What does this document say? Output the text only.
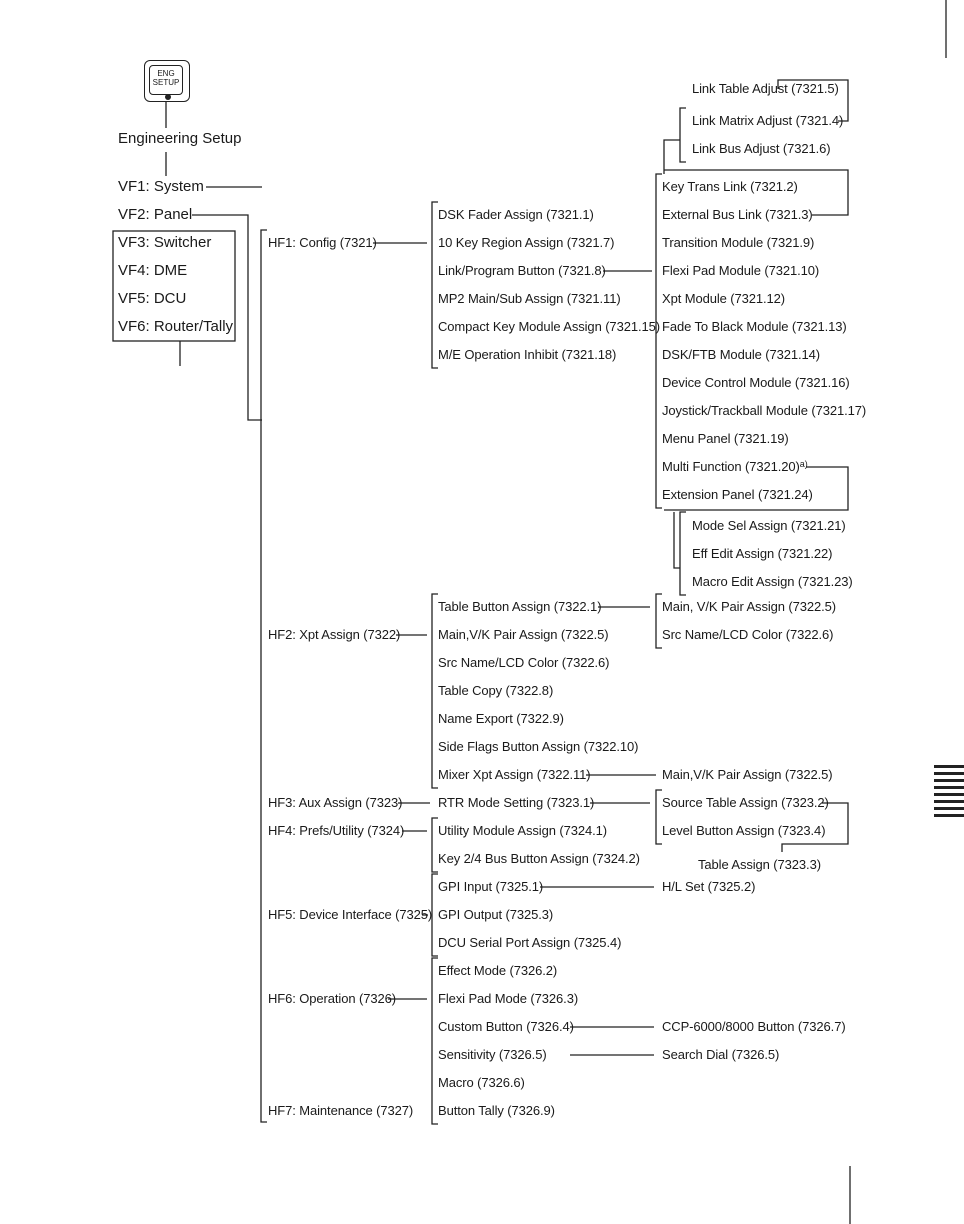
ENG
SETUP
Engineering Setup
VF1: System
VF2: Panel
VF3: Switcher
VF4: DME
VF5: DCU
VF6: Router/Tally
HF1: Config (7321)
HF2: Xpt Assign (7322)
HF3: Aux Assign (7323)
HF4: Prefs/Utility (7324)
HF5: Device Interface (7325)
HF6: Operation (7326)
HF7: Maintenance (7327)
DSK Fader Assign (7321.1)
10 Key Region Assign (7321.7)
Link/Program Button (7321.8)
MP2 Main/Sub Assign (7321.11)
Compact Key Module Assign (7321.15)
M/E Operation Inhibit (7321.18)
Link Table Adjust (7321.5)
Link Matrix Adjust (7321.4)
Link Bus Adjust (7321.6)
Key Trans Link (7321.2)
External Bus Link (7321.3)
Transition Module (7321.9)
Flexi Pad Module (7321.10)
Xpt Module (7321.12)
Fade To Black Module (7321.13)
DSK/FTB Module (7321.14)
Device Control Module (7321.16)
Joystick/Trackball Module (7321.17)
Menu Panel (7321.19)
Multi Function $(7321.20)^{a)}$
Extension Panel (7321.24)
Mode Sel Assign (7321.21)
Eff Edit Assign (7321.22)
Macro Edit Assign (7321.23)
Table Button Assign (7322.1)
Main,V/K Pair Assign (7322.5)
Src Name/LCD Color (7322.6)
Table Copy (7322.8)
Name Export (7322.9)
Side Flags Button Assign (7322.10)
Mixer Xpt Assign (7322.11)
Main, V/K Pair Assign (7322.5)
Src Name/LCD Color (7322.6)
Main,V/K Pair Assign (7322.5)
RTR Mode Setting (7323.1)	Source Table Assign (7323.2)
Level Button Assign (7323.4)
Table Assign (7323.3)
Utility Module Assign (7324.1)
Key 2/4 Bus Button Assign (7324.2)
GPI Input (7325.1)	H/L Set (7325.2)
GPI Output (7325.3)
DCU Serial Port Assign (7325.4)
Effect Mode (7326.2)
Flexi Pad Mode (7326.3)
Custom Button (7326.4)	CCP-6000/8000 Button (7326.7)
Sensitivity (7326.5)	Search Dial (7326.5)
Macro (7326.6)
Button Tally (7326.9)
